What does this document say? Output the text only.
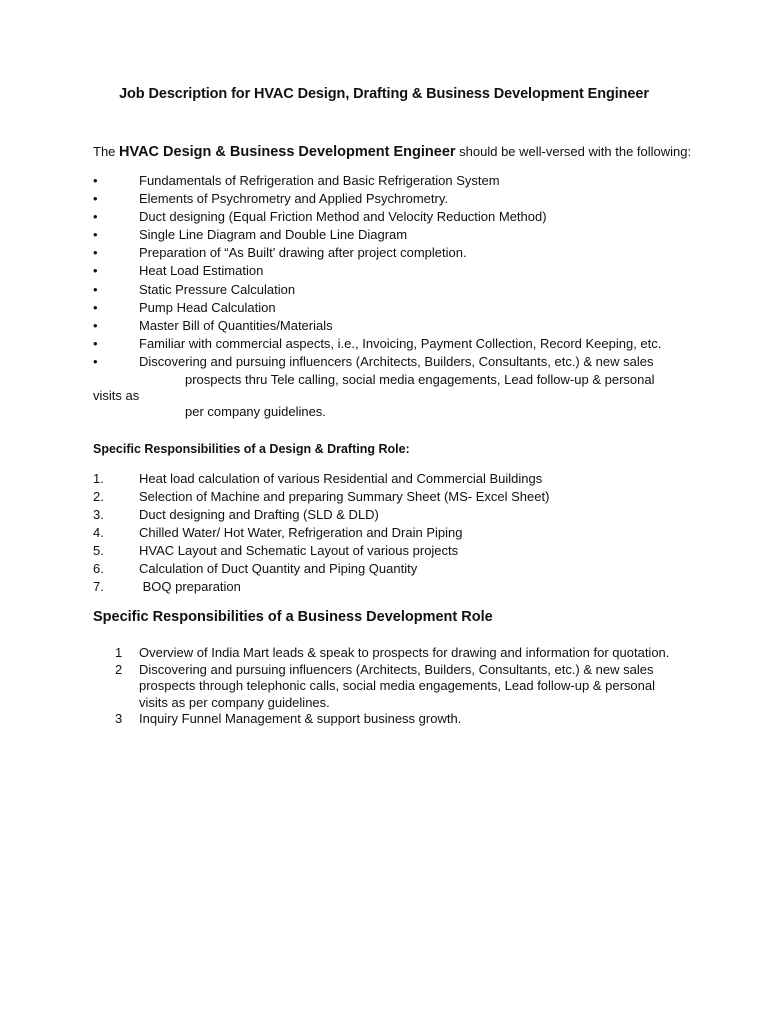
Job Description for HVAC Design, Drafting & Business Development Engineer
The HVAC Design & Business Development Engineer should be well-versed with the following:
•	Fundamentals of Refrigeration and Basic Refrigeration System
•	Elements of Psychrometry and Applied Psychrometry.
•	Duct designing (Equal Friction Method and Velocity Reduction Method)
•	Single Line Diagram and Double Line Diagram
•	Preparation of “As Built’ drawing after project completion.
•	Heat Load Estimation
•	Static Pressure Calculation
•	Pump Head Calculation
•	Master Bill of Quantities/Materials
•	Familiar with commercial aspects, i.e., Invoicing, Payment Collection, Record Keeping, etc.
•	Discovering and pursuing influencers (Architects, Builders, Consultants, etc.) & new sales
prospects thru Tele calling, social media engagements, Lead follow-up & personal
visits as
per company guidelines.
Specific Responsibilities of a Design & Drafting Role:
1.	Heat load calculation of various Residential and Commercial Buildings
2.	Selection of Machine and preparing Summary Sheet (MS- Excel Sheet)
3.	Duct designing and Drafting (SLD & DLD)
4.	Chilled Water/ Hot Water, Refrigeration and Drain Piping
5.	HVAC Layout and Schematic Layout of various projects
6.	Calculation of Duct Quantity and Piping Quantity
7.	BOQ preparation
Specific Responsibilities of a Business Development Role
1 Overview of India Mart leads & speak to prospects for drawing and information for quotation.
2 Discovering and pursuing influencers (Architects, Builders, Consultants, etc.) & new sales prospects through telephonic calls, social media engagements, Lead follow-up & personal visits as per company guidelines.
3 Inquiry Funnel Management & support business growth.
